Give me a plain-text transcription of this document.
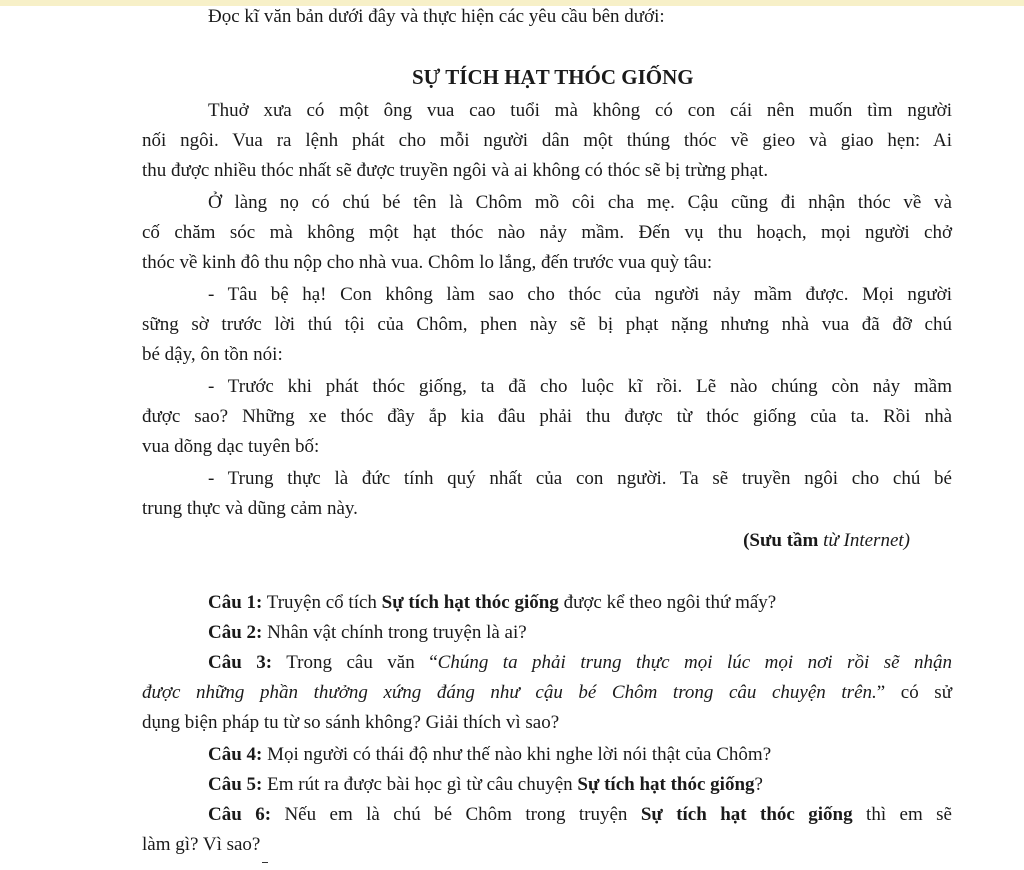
Đọc kĩ văn bản dưới đây và thực hiện các yêu cầu bên dưới:
SỰ TÍCH HẠT THÓC GIỐNG
Thuở xưa có một ông vua cao tuổi mà không có con cái nên muốn tìm người
nối ngôi. Vua ra lệnh phát cho mỗi người dân một thúng thóc về gieo và giao hẹn: Ai
thu được nhiều thóc nhất sẽ được truyền ngôi và ai không có thóc sẽ bị trừng phạt.
Ở làng nọ có chú bé tên là Chôm mồ côi cha mẹ. Cậu cũng đi nhận thóc về và
cố chăm sóc mà không một hạt thóc nào nảy mầm. Đến vụ thu hoạch, mọi người chở
thóc về kinh đô thu nộp cho nhà vua. Chôm lo lắng, đến trước vua quỳ tâu:
- Tâu bệ hạ! Con không làm sao cho thóc của người nảy mầm được. Mọi người
sững sờ trước lời thú tội của Chôm, phen này sẽ bị phạt nặng nhưng nhà vua đã đỡ chú
bé dậy, ôn tồn nói:
- Trước khi phát thóc giống, ta đã cho luộc kĩ rồi. Lẽ nào chúng còn nảy mầm
được sao? Những xe thóc đầy ắp kia đâu phải thu được từ thóc giống của ta. Rồi nhà
vua dõng dạc tuyên bố:
- Trung thực là đức tính quý nhất của con người. Ta sẽ truyền ngôi cho chú bé
trung thực và dũng cảm này.
(Sưu tầm từ Internet)
Câu 1: Truyện cổ tích Sự tích hạt thóc giống được kể theo ngôi thứ mấy?
Câu 2: Nhân vật chính trong truyện là ai?
Câu 3: Trong câu văn “Chúng ta phải trung thực mọi lúc mọi nơi rồi sẽ nhận
được những phần thưởng xứng đáng như cậu bé Chôm trong câu chuyện trên.” có sử
dụng biện pháp tu từ so sánh không? Giải thích vì sao?
Câu 4: Mọi người có thái độ như thế nào khi nghe lời nói thật của Chôm?
Câu 5: Em rút ra được bài học gì từ câu chuyện Sự tích hạt thóc giống?
Câu 6: Nếu em là chú bé Chôm trong truyện Sự tích hạt thóc giống thì em sẽ
làm gì? Vì sao?
